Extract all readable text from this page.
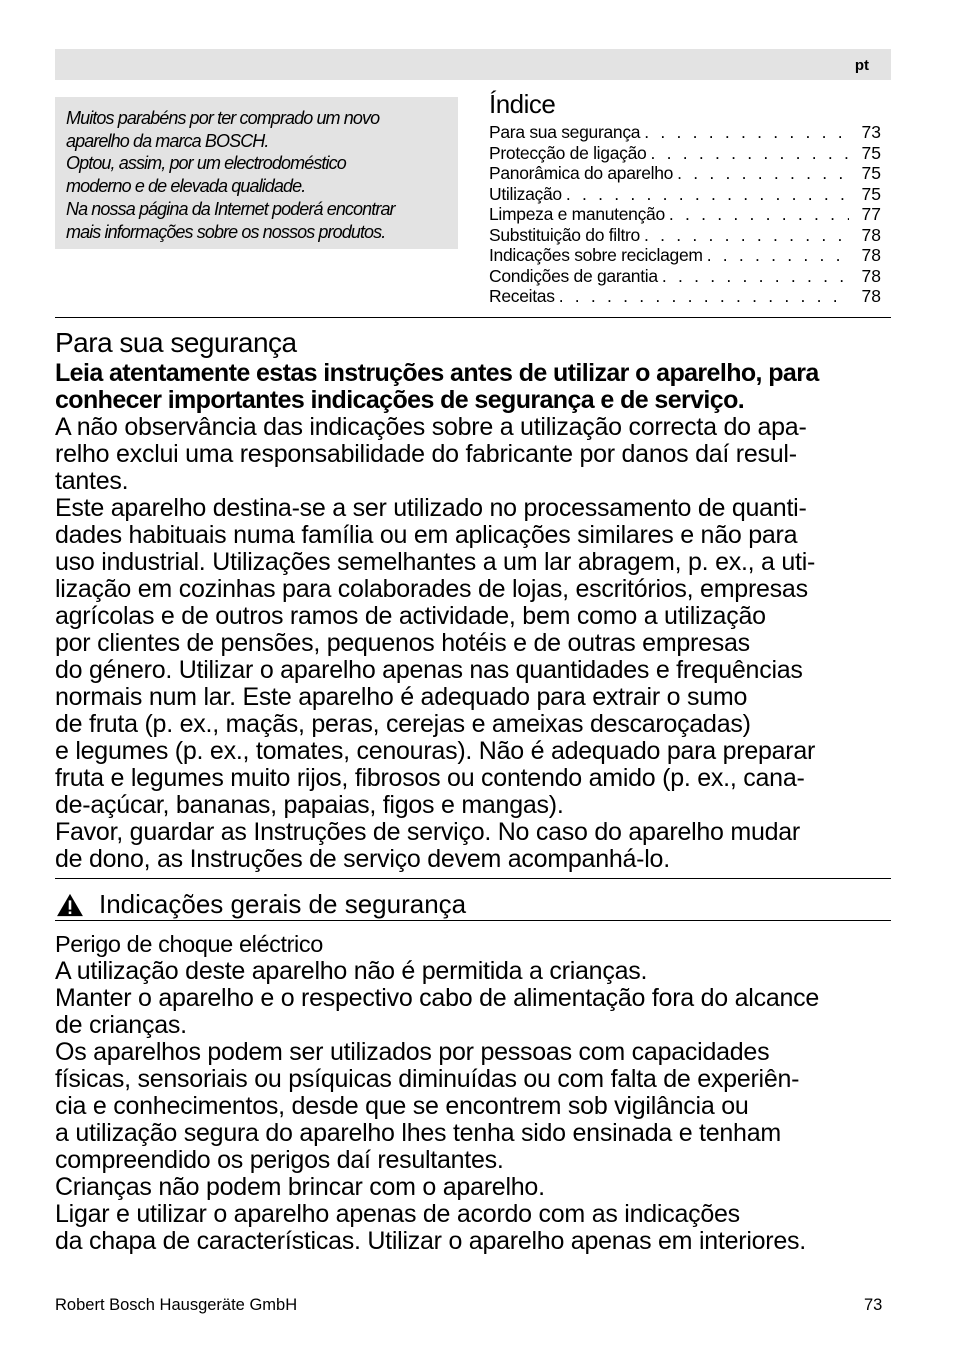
pt

Muitos parabéns por ter comprado um novo

aparelho da marca BOSCH.

Optou, assim, por um electrodoméstico

moderno e de elevada qualidade.

Na nossa página da Internet poderá encontrar

mais informações sobre os nossos produtos.

Índice
Para sua segurança . . .	73
Protecção de ligação . . .	75
Panorâmica do aparelho . . .	75
Utilização . . .	75
Limpeza e manutenção . . .	77
Substituição do filtro . . .	78
Indicações sobre reciclagem . . .	78
Condições de garantia . . .	78
Receitas . . .	78
Para sua segurança

Leia atentamente estas instruções antes de utilizar o aparelho, para
conhecer importantes indicações de segurança e de serviço.

A não observância das indicações sobre a utilização correcta do apa-
relho exclui uma responsabilidade do fabricante por danos daí resul-
tantes.

Este aparelho destina-se a ser utilizado no processamento de quanti-
dades habituais numa família ou em aplicações similares e não para
uso industrial. Utilizações semelhantes a um lar abragem, p. ex., a uti-
lização em cozinhas para colaborades de lojas, escritórios, empresas
agrícolas e de outros ramos de actividade, bem como a utilização
por clientes de pensões, pequenos hotéis e de outras empresas
do género. Utilizar o aparelho apenas nas quantidades e frequências
normais num lar. Este aparelho é adequado para extrair o sumo
de fruta (p. ex., maçãs, peras, cerejas e ameixas descaroçadas)
e legumes (p. ex., tomates, cenouras). Não é adequado para preparar
fruta e legumes muito rijos, fibrosos ou contendo amido (p. ex., cana-
de-açúcar, bananas, papaias, figos e mangas).

Favor, guardar as Instruções de serviço. No caso do aparelho mudar
de dono, as Instruções de serviço devem acompanhá-lo.

Indicações gerais de segurança
Perigo de choque eléctrico

A utilização deste aparelho não é permitida a crianças.

Manter o aparelho e o respectivo cabo de alimentação fora do alcance
de crianças.

Os aparelhos podem ser utilizados por pessoas com capacidades
físicas, sensoriais ou psíquicas diminuídas ou com falta de experiên-
cia e conhecimentos, desde que se encontrem sob vigilância ou
a utilização segura do aparelho lhes tenha sido ensinada e tenham
compreendido os perigos daí resultantes.

Crianças não podem brincar com o aparelho.

Ligar e utilizar o aparelho apenas de acordo com as indicações
da chapa de características. Utilizar o aparelho apenas em interiores.

Robert Bosch Hausgeräte GmbH	73
